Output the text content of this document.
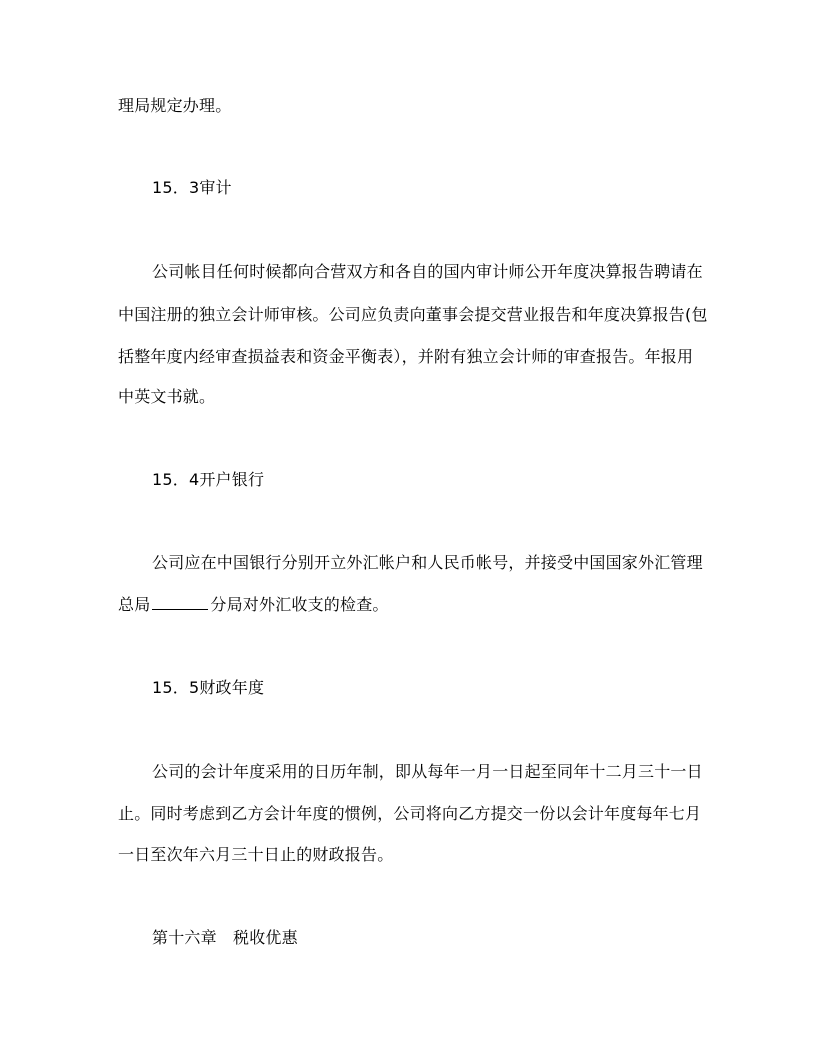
理局规定办理。
15．3审计
公司帐目任何时候都向合营双方和各自的国内审计师公开年度决算报告聘请在
中国注册的独立会计师审核。公司应负责向董事会提交营业报告和年度决算报告(包
括整年度内经审查损益表和资金平衡表），并附有独立会计师的审查报告。年报用
中英文书就。
15．4开户银行
公司应在中国银行分别开立外汇帐户和人民币帐号，并接受中国国家外汇管理
总局	分局对外汇收支的检查。
15．5财政年度
公司的会计年度采用的日历年制，即从每年一月一日起至同年十二月三十一日
止。同时考虑到乙方会计年度的惯例，公司将向乙方提交一份以会计年度每年七月
一日至次年六月三十日止的财政报告。
第十六章　税收优惠
